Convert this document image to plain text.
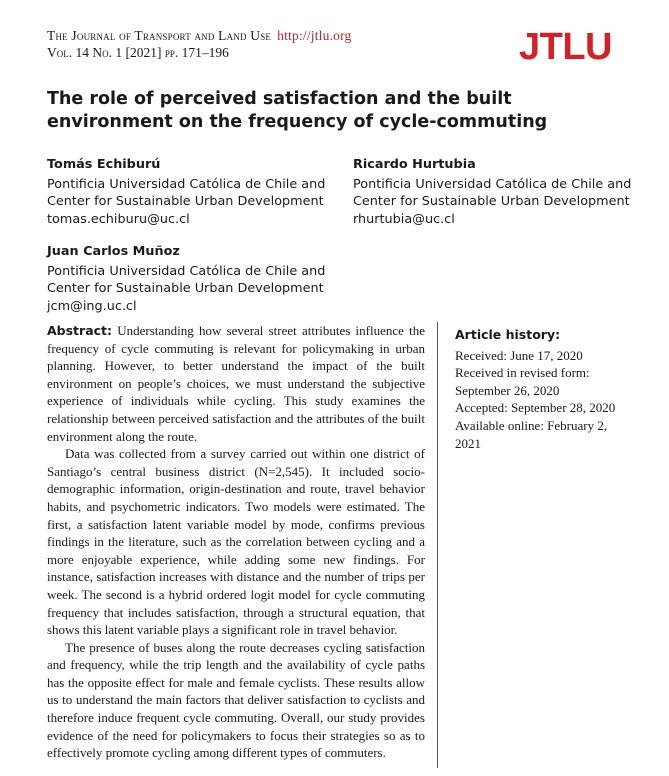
The Journal of Transport and Land Use http://jtlu.org
Vol. 14 No. 1 [2021] pp. 171–196	JTLU
The role of perceived satisfaction and the built environment on the frequency of cycle-commuting
Tomás Echiburú
Pontificia Universidad Católica de Chile and
Center for Sustainable Urban Development
tomas.echiburu@uc.cl
Ricardo Hurtubia
Pontificia Universidad Católica de Chile and
Center for Sustainable Urban Development
rhurtubia@uc.cl
Juan Carlos Muñoz
Pontificia Universidad Católica de Chile and
Center for Sustainable Urban Development
jcm@ing.uc.cl

Abstract: Understanding how several street attributes influence the frequency of cycle commuting is relevant for policymaking in urban planning. However, to better understand the impact of the built environment on people’s choices, we must understand the subjective experience of individuals while cycling. This study examines the relationship between perceived satisfaction and the attributes of the built environment along the route.

Data was collected from a survey carried out within one district of Santiago’s central business district (N=2,545). It included socio-demographic information, origin-destination and route, travel behavior habits, and psychometric indicators. Two models were estimated. The first, a satisfaction latent variable model by mode, confirms previous findings in the literature, such as the correlation between cycling and a more enjoyable experience, while adding some new findings. For instance, satisfaction increases with distance and the number of trips per week. The second is a hybrid ordered logit model for cycle commuting frequency that includes satisfaction, through a structural equation, that shows this latent variable plays a significant role in travel behavior.

The presence of buses along the route decreases cycling satisfaction and frequency, while the trip length and the availability of cycle paths has the opposite effect for male and female cyclists. These results allow us to understand the main factors that deliver satisfaction to cyclists and therefore induce frequent cycle commuting. Overall, our study provides evidence of the need for policymakers to focus their strategies so as to effectively promote cycling among different types of commuters.

Article history:
Received: June 17, 2020
Received in revised form:
September 26, 2020
Accepted: September 28, 2020
Available online: February 2,
2021
